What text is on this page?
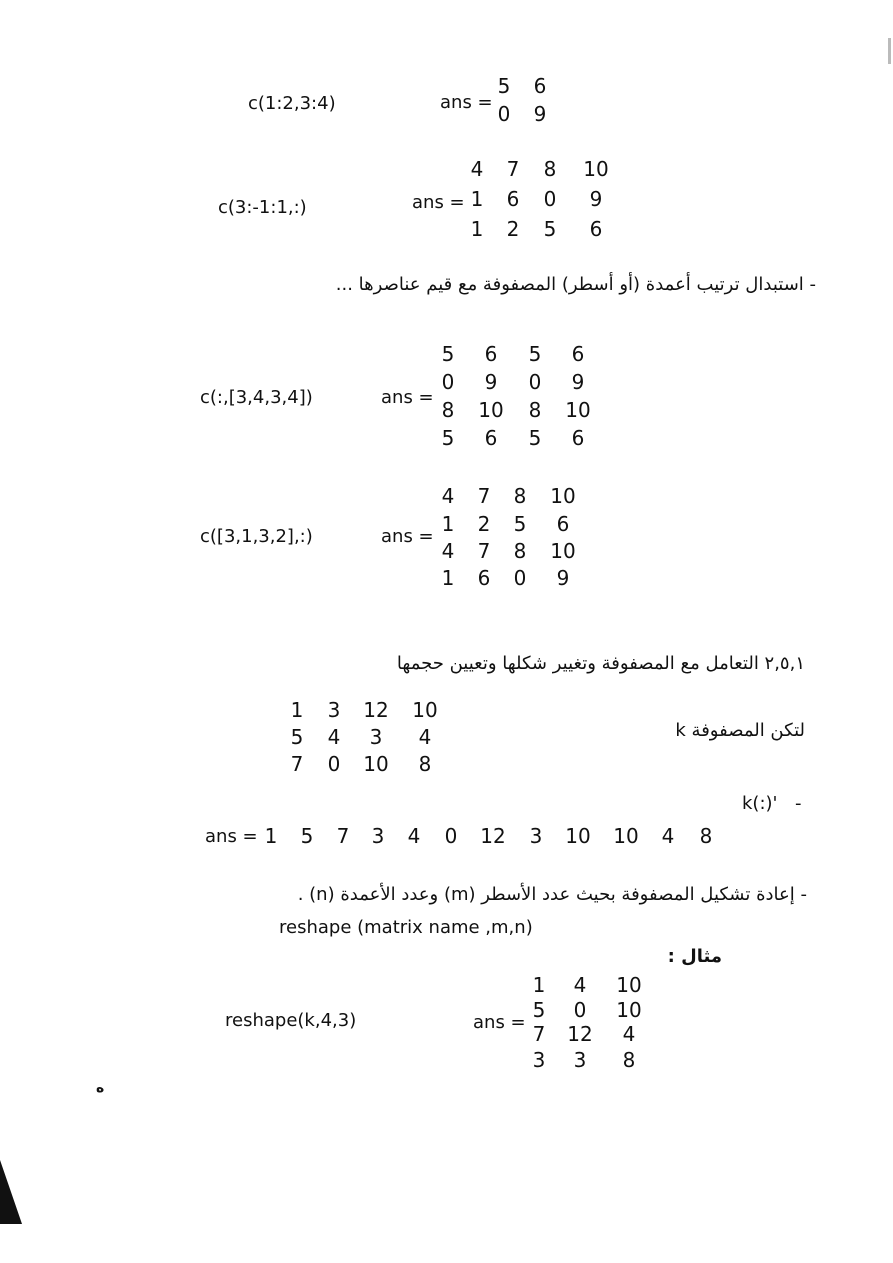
c(1:2,3:4)	ans =
5	6
0	9
c(3:-1:1,:)	ans =
4	7	8	10
1	6	0	9
1	2	5	6
- استبدال ترتيب أعمدة (أو أسطر) المصفوفة مع قيم عناصرها ...
c(:,[3,4,3,4])	ans =
5	6	5	6
0	9	0	9
8	10	8	10
5	6	5	6
c([3,1,3,2],:)	ans =
4	7	8	10
1	2	5	6
4	7	8	10
1	6	0	9
٢,٥,١ التعامل مع المصفوفة وتغيير شكلها وتعيين حجمها
1	3	12	10
5	4	3	4
7	0	10	8
لتكن المصفوفة k
k(:)' -
ans = 1	5	7	3	4	0	12	3	10	10	4	8
- إعادة تشكيل المصفوفة بحيث عدد الأسطر (m) وعدد الأعمدة (n) .
reshape (matrix name ,m,n)
مثال :
reshape(k,4,3)	ans =
1	4	10
5	0	10
7	12	4
3	3	8
ه
